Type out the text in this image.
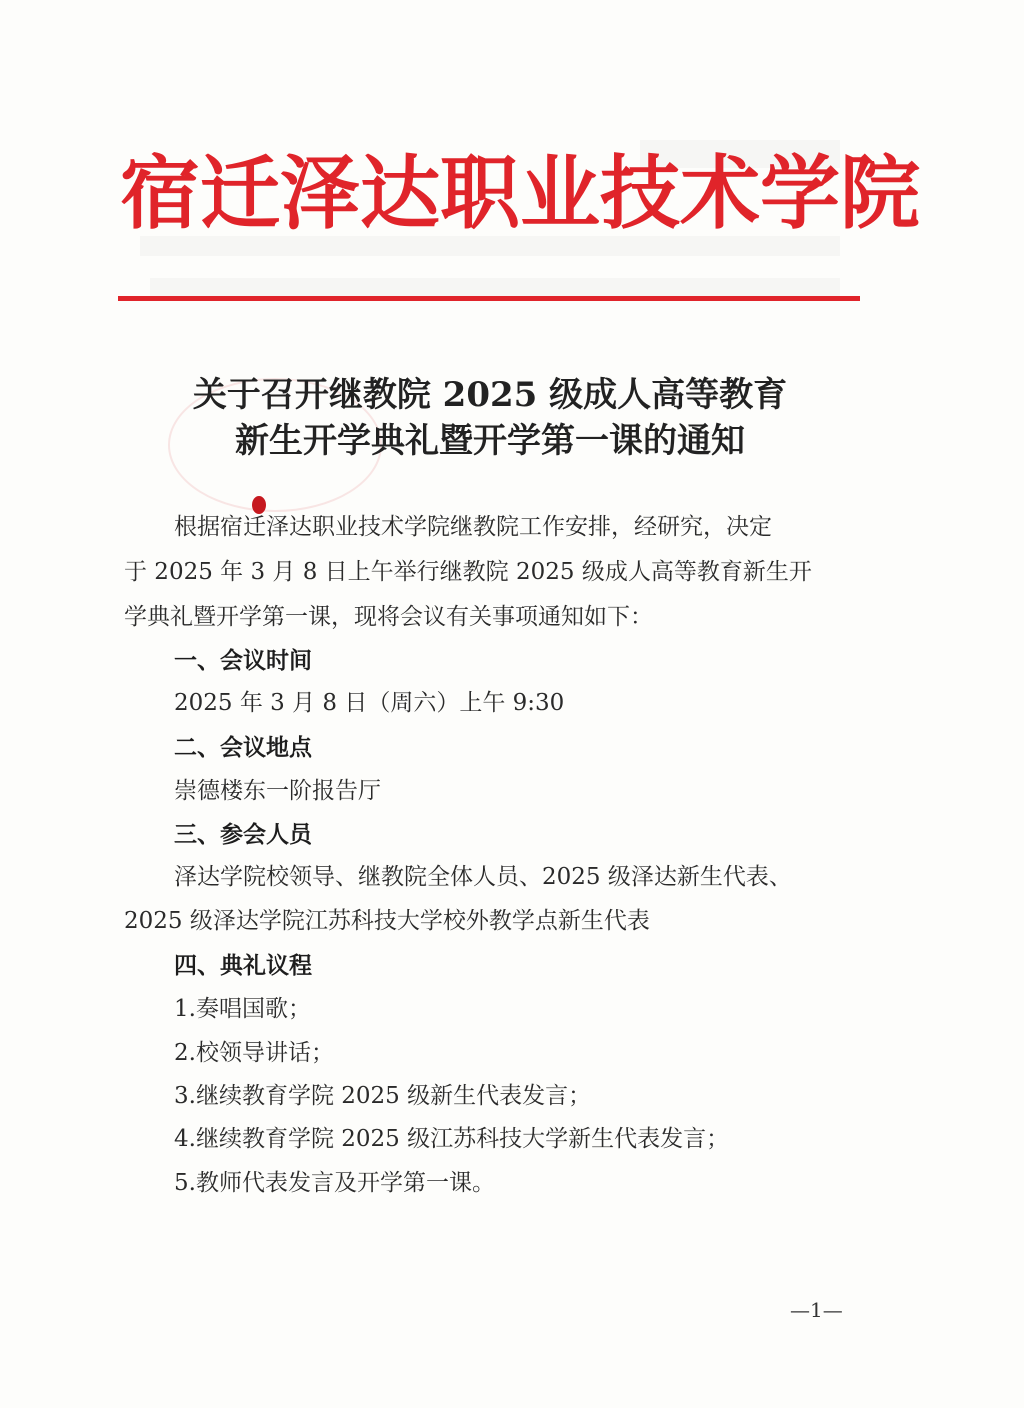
宿迁泽达职业技术学院
关于召开继教院 2025 级成人高等教育
新生开学典礼暨开学第一课的通知
根据宿迁泽达职业技术学院继教院工作安排，经研究，决定
于 2025 年 3 月 8 日上午举行继教院 2025 级成人高等教育新生开
学典礼暨开学第一课，现将会议有关事项通知如下：
一、会议时间
2025 年 3 月 8 日（周六）上午 9:30
二、会议地点
崇德楼东一阶报告厅
三、参会人员
泽达学院校领导、继教院全体人员、2025 级泽达新生代表、
2025 级泽达学院江苏科技大学校外教学点新生代表
四、典礼议程
1.奏唱国歌；
2.校领导讲话；
3.继续教育学院 2025 级新生代表发言；
4.继续教育学院 2025 级江苏科技大学新生代表发言；
5.教师代表发言及开学第一课。
—1—
